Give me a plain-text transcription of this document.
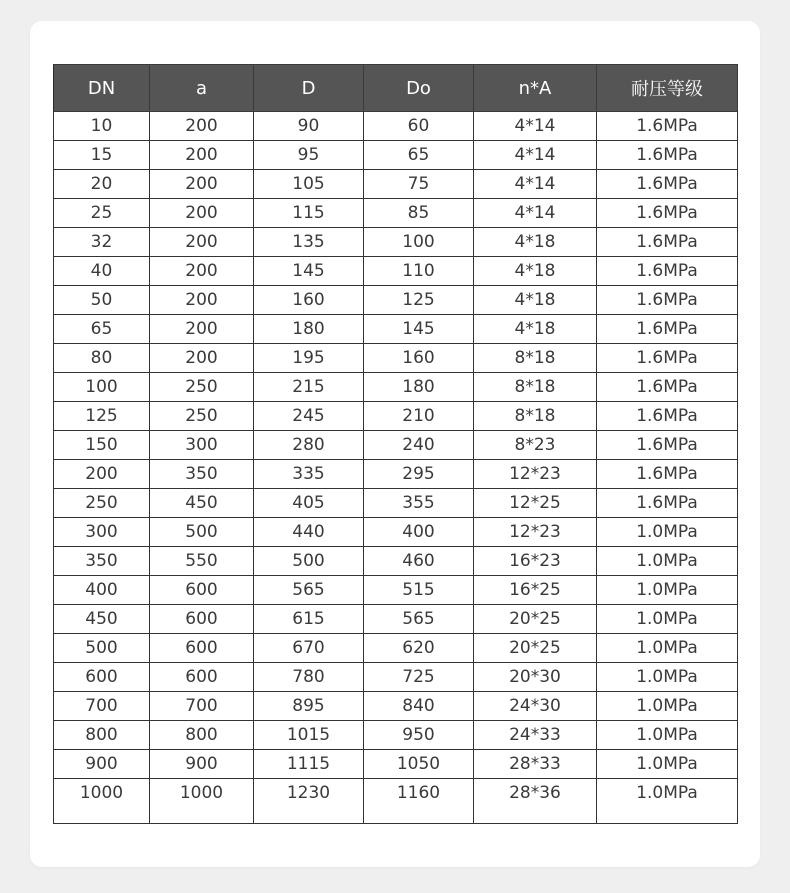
DN	a	D	Do	n*A	耐压等级
10	200	90	60	4*14	1.6MPa
15	200	95	65	4*14	1.6MPa
20	200	105	75	4*14	1.6MPa
25	200	115	85	4*14	1.6MPa
32	200	135	100	4*18	1.6MPa
40	200	145	110	4*18	1.6MPa
50	200	160	125	4*18	1.6MPa
65	200	180	145	4*18	1.6MPa
80	200	195	160	8*18	1.6MPa
100	250	215	180	8*18	1.6MPa
125	250	245	210	8*18	1.6MPa
150	300	280	240	8*23	1.6MPa
200	350	335	295	12*23	1.6MPa
250	450	405	355	12*25	1.6MPa
300	500	440	400	12*23	1.0MPa
350	550	500	460	16*23	1.0MPa
400	600	565	515	16*25	1.0MPa
450	600	615	565	20*25	1.0MPa
500	600	670	620	20*25	1.0MPa
600	600	780	725	20*30	1.0MPa
700	700	895	840	24*30	1.0MPa
800	800	1015	950	24*33	1.0MPa
900	900	1115	1050	28*33	1.0MPa
1000	1000	1230	1160	28*36	1.0MPa
